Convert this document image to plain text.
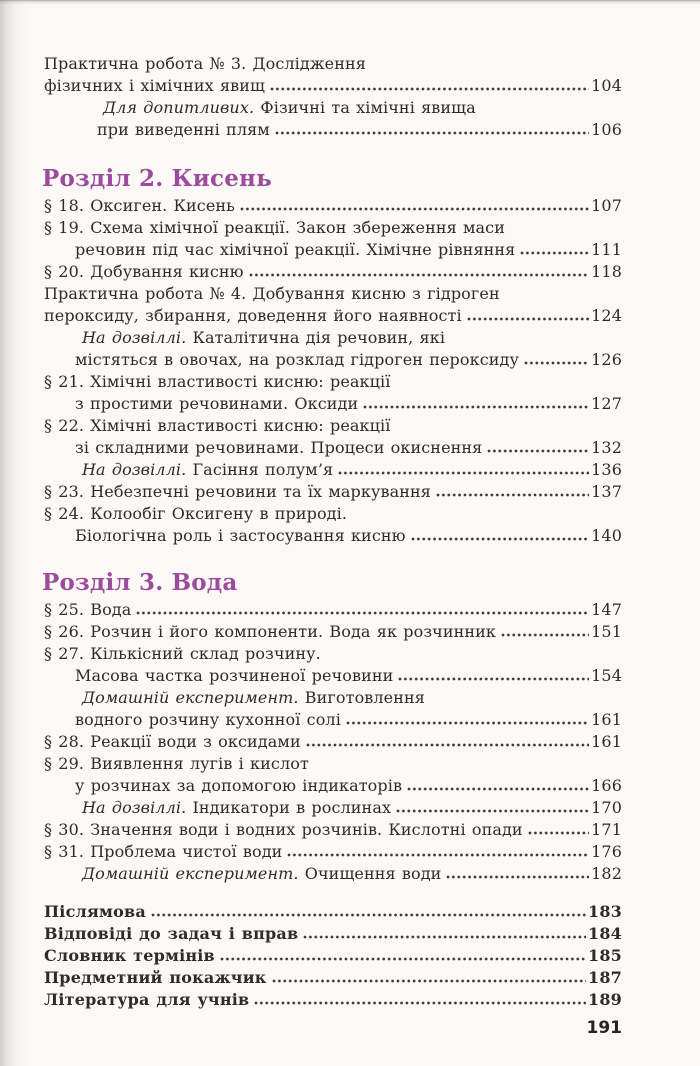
Практична робота № 3. Дослідження
фізичних і хімічних явищ	104
Для допитливих. Фізичні та хімічні явища
при виведенні плям	106
Розділ 2. Кисень
§ 18. Оксиген. Кисень	107
§ 19. Схема хімічної реакції. Закон збереження маси
речовин під час хімічної реакції. Хімічне рівняння	111
§ 20. Добування кисню	118
Практична робота № 4. Добування кисню з гідроген
пероксиду, збирання, доведення його наявності	124
На дозвіллі. Каталітична дія речовин, які
містяться в овочах, на розклад гідроген пероксиду	126
§ 21. Хімічні властивості кисню: реакції
з простими речовинами. Оксиди	127
§ 22. Хімічні властивості кисню: реакції
зі складними речовинами. Процеси окиснення	132
На дозвіллі. Гасіння полум’я	136
§ 23. Небезпечні речовини та їх маркування	137
§ 24. Колообіг Оксигену в природі.
Біологічна роль і застосування кисню	140
Розділ 3. Вода
§ 25. Вода	147
§ 26. Розчин і його компоненти. Вода як розчинник	151
§ 27. Кількісний склад розчину.
Масова частка розчиненої речовини	154
Домашній експеримент. Виготовлення
водного розчину кухонної солі	161
§ 28. Реакції води з оксидами	161
§ 29. Виявлення лугів і кислот
у розчинах за допомогою індикаторів	166
На дозвіллі. Індикатори в рослинах	170
§ 30. Значення води і водних розчинів. Кислотні опади	171
§ 31. Проблема чистої води	176
Домашній експеримент. Очищення води	182
Післямова	183
Відповіді до задач і вправ	184
Словник термінів	185
Предметний покажчик	187
Література для учнів	189
191
